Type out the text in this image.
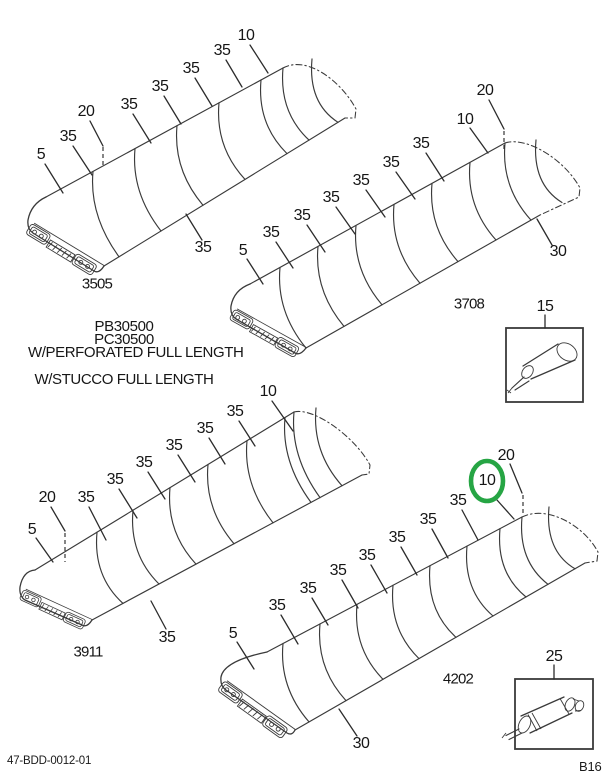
5
35
20 35
35
35
35
10
35
3505
5
35
35
35
35
35
35
10
20
30
3708
5
20 35
35
35
35
35
35
10
35
3911
5
35
35
35
35
35
35
35
10
20
30
4202
15
25
PB30500
PC30500
W/PERFORATED FULL LENGTH
W/STUCCO FULL LENGTH
47-BDD-0012-01	B16
